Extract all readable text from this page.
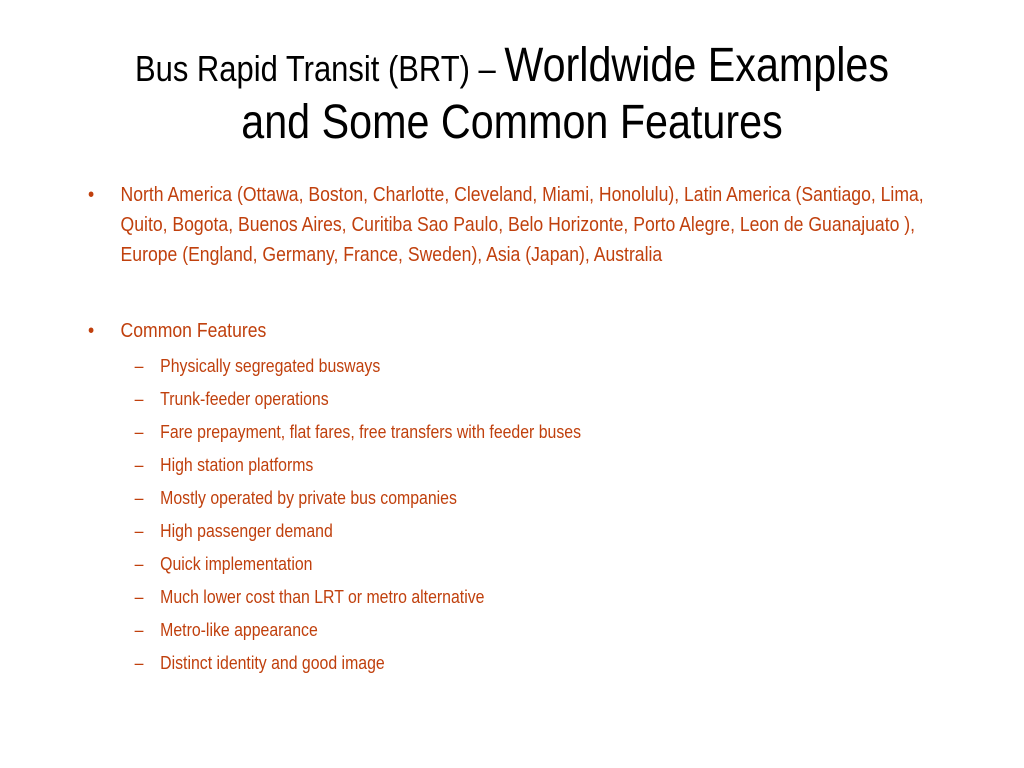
Bus Rapid Transit (BRT) – Worldwide Examples
and Some Common Features
• North America (Ottawa, Boston, Charlotte, Cleveland, Miami, Honolulu), Latin America (Santiago, Lima, Quito, Bogota, Buenos Aires, Curitiba Sao Paulo, Belo Horizonte, Porto Alegre, Leon de Guanajuato ), Europe (England, Germany, France, Sweden), Asia (Japan), Australia
• Common Features
– Physically segregated busways
– Trunk-feeder operations
– Fare prepayment, flat fares, free transfers with feeder buses
– High station platforms
– Mostly operated by private bus companies
– High passenger demand
– Quick implementation
– Much lower cost than LRT or metro alternative
– Metro-like appearance
– Distinct identity and good image
